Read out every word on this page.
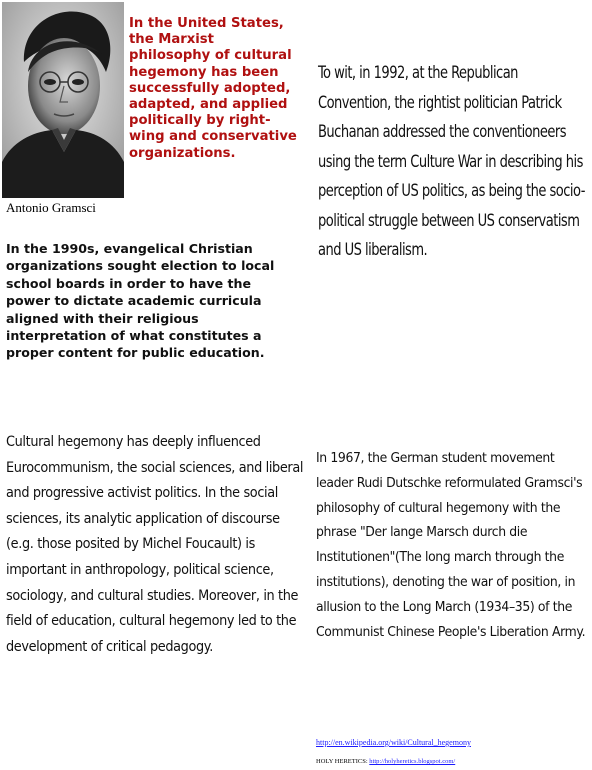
Antonio Gramsci
In the United States, the Marxist philosophy of cultural hegemony has been successfully adopted, adapted, and applied politically by right-wing and conservative organizations.
In the 1990s, evangelical Christian organizations sought election to local school boards in order to have the power to dictate academic curricula aligned with their religious interpretation of what constitutes a proper content for public education.
To wit, in 1992, at the Republican Convention, the rightist politician Patrick Buchanan addressed the conventioneers using the term Culture War in describing his perception of US politics, as being the socio-political struggle between US conservatism and US liberalism.
Cultural hegemony has deeply influenced Eurocommunism, the social sciences, and liberal and progressive activist politics. In the social sciences, its analytic application of discourse (e.g. those posited by Michel Foucault) is important in anthropology, political science, sociology, and cultural studies. Moreover, in the field of education, cultural hegemony led to the development of critical pedagogy.
In 1967, the German student movement leader Rudi Dutschke reformulated Gramsci's philosophy of cultural hegemony with the phrase "Der lange Marsch durch die Institutionen"(The long march through the institutions), denoting the war of position, in allusion to the Long March (1934–35) of the Communist Chinese People's Liberation Army.
http://en.wikipedia.org/wiki/Cultural_hegemony
HOLY HERETICS: http://holyheretics.blogspot.com/
